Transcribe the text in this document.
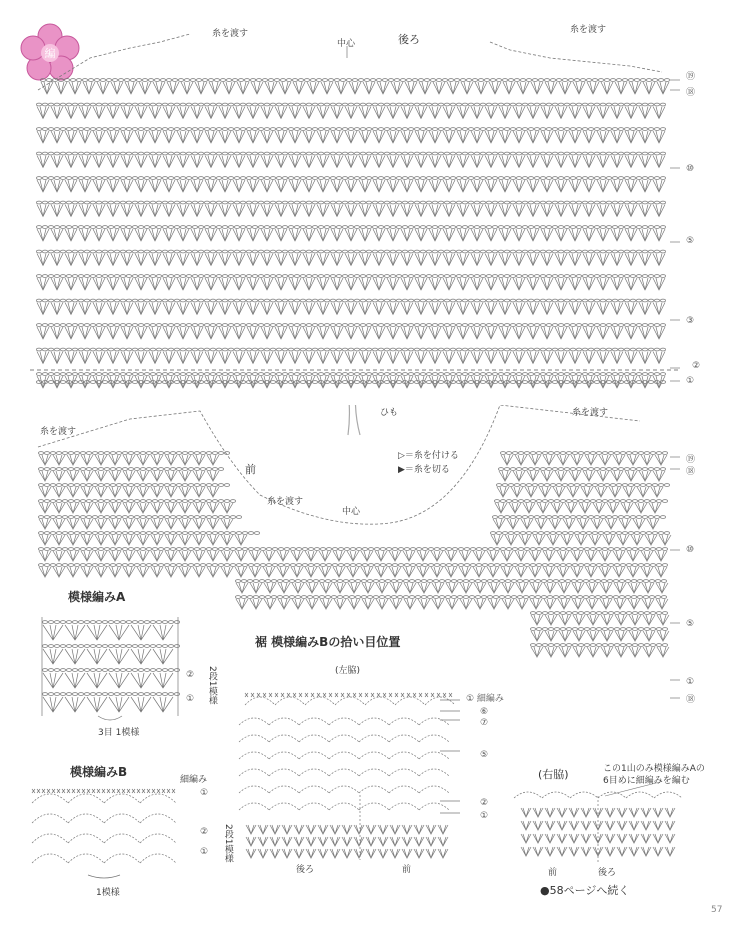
編
後ろ
中心
糸を渡す	糸を渡す
⑲
⑱
⑩
⑤
③
②
①
ひも
前
中心
糸を渡す
糸を渡す
糸を渡す
▷＝糸を付ける
▶＝糸を切る
⑲
⑱
⑩
⑤
①
⑱
模様編みA
②
① 2段1模様
3目 1模様
模様編みB
細編み
①
②
① 2段1模様
1模様
裾 模様編みBの拾い目位置
(左脇)
① 細編み
⑥
⑦
⑤
②
①
後ろ	前
(右脇)	この1山のみ模様編みAの
6目めに細編みを編む
前	後ろ
●58ページへ続く
57
